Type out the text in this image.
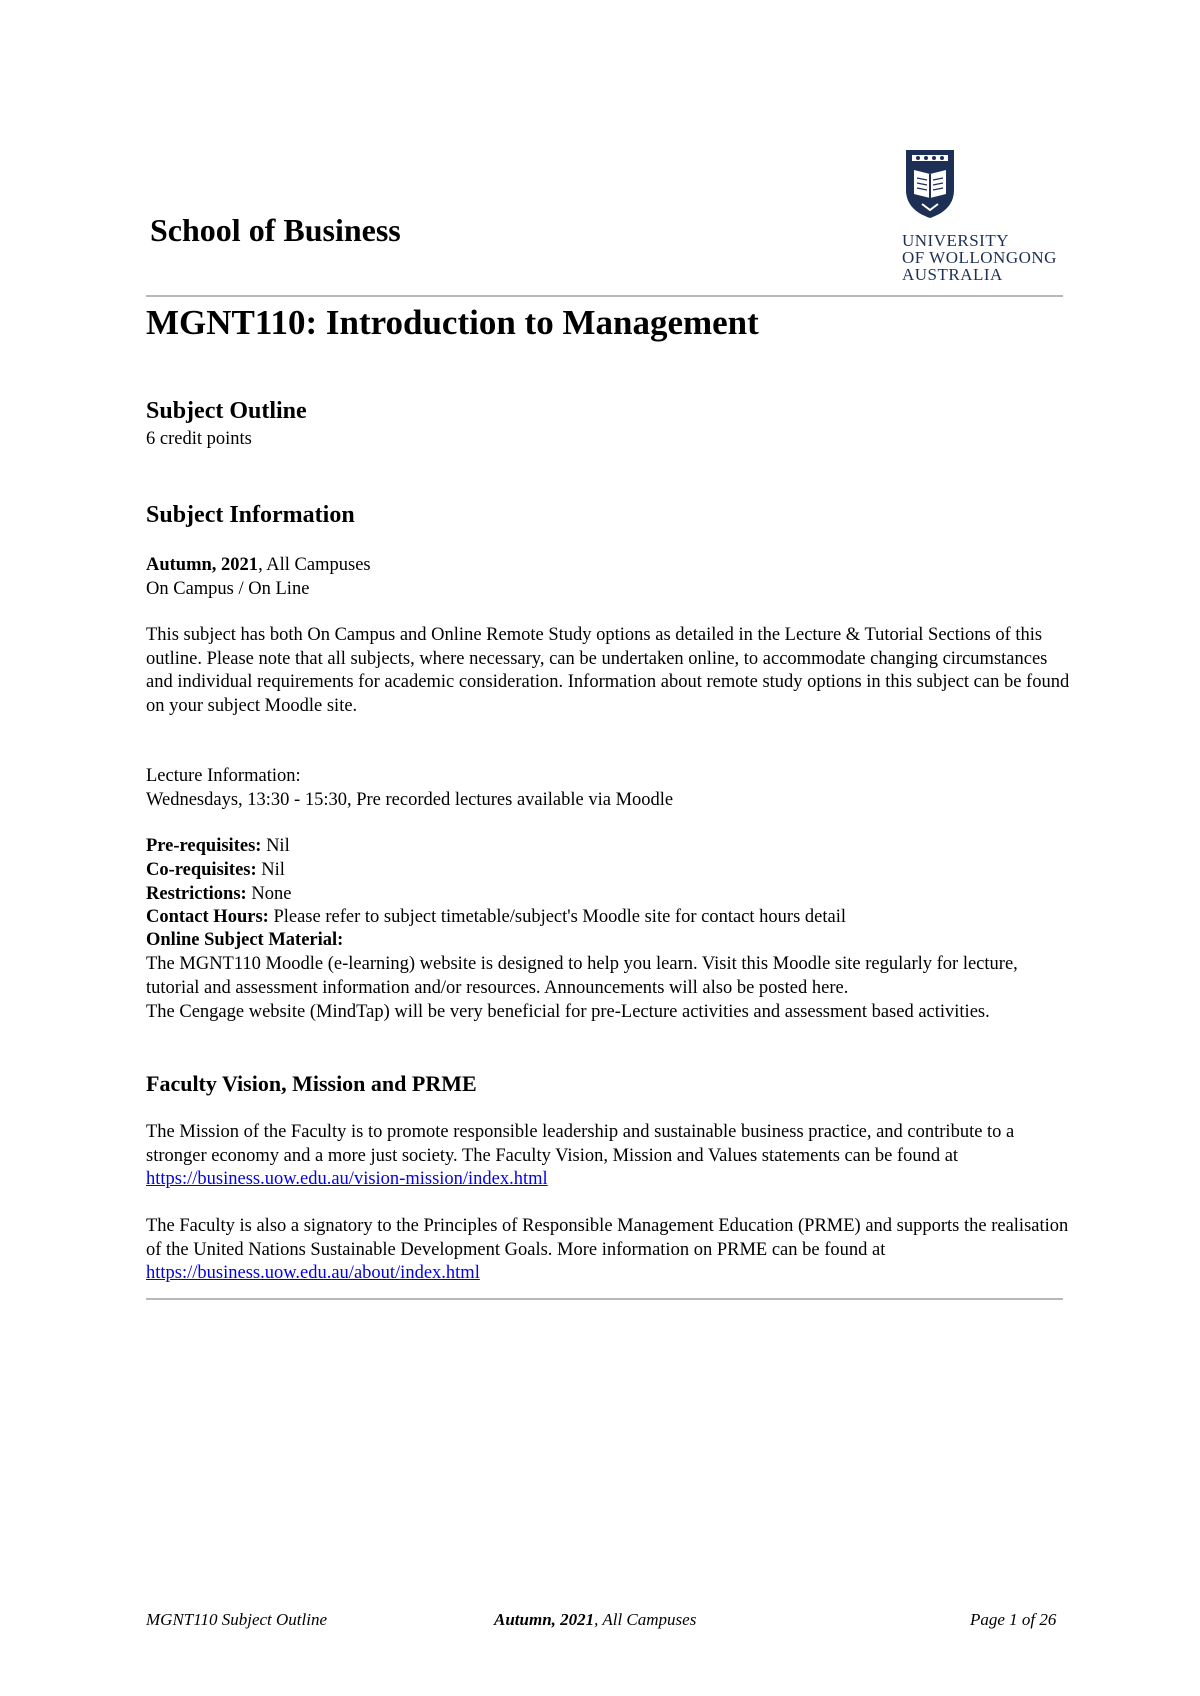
School of Business	UNIVERSITY
OF WOLLONGONG
AUSTRALIA
MGNT110: Introduction to Management
Subject Outline
6 credit points
Subject Information
Autumn, 2021, All Campuses
On Campus / On Line
This subject has both On Campus and Online Remote Study options as detailed in the Lecture & Tutorial Sections of this outline. Please note that all subjects, where necessary, can be undertaken online, to accommodate changing circumstances and individual requirements for academic consideration. Information about remote study options in this subject can be found on your subject Moodle site.
Lecture Information:
Wednesdays, 13:30 - 15:30, Pre recorded lectures available via Moodle
Pre-requisites: Nil
Co-requisites: Nil
Restrictions: None
Contact Hours: Please refer to subject timetable/subject's Moodle site for contact hours detail
Online Subject Material:
The MGNT110 Moodle (e-learning) website is designed to help you learn. Visit this Moodle site regularly for lecture, tutorial and assessment information and/or resources. Announcements will also be posted here.
The Cengage website (MindTap) will be very beneficial for pre-Lecture activities and assessment based activities.
Faculty Vision, Mission and PRME
The Mission of the Faculty is to promote responsible leadership and sustainable business practice, and contribute to a stronger economy and a more just society. The Faculty Vision, Mission and Values statements can be found at https://business.uow.edu.au/vision-mission/index.html
The Faculty is also a signatory to the Principles of Responsible Management Education (PRME) and supports the realisation of the United Nations Sustainable Development Goals. More information on PRME can be found at https://business.uow.edu.au/about/index.html
MGNT110 Subject Outline	Autumn, 2021, All Campuses	Page 1 of 26
